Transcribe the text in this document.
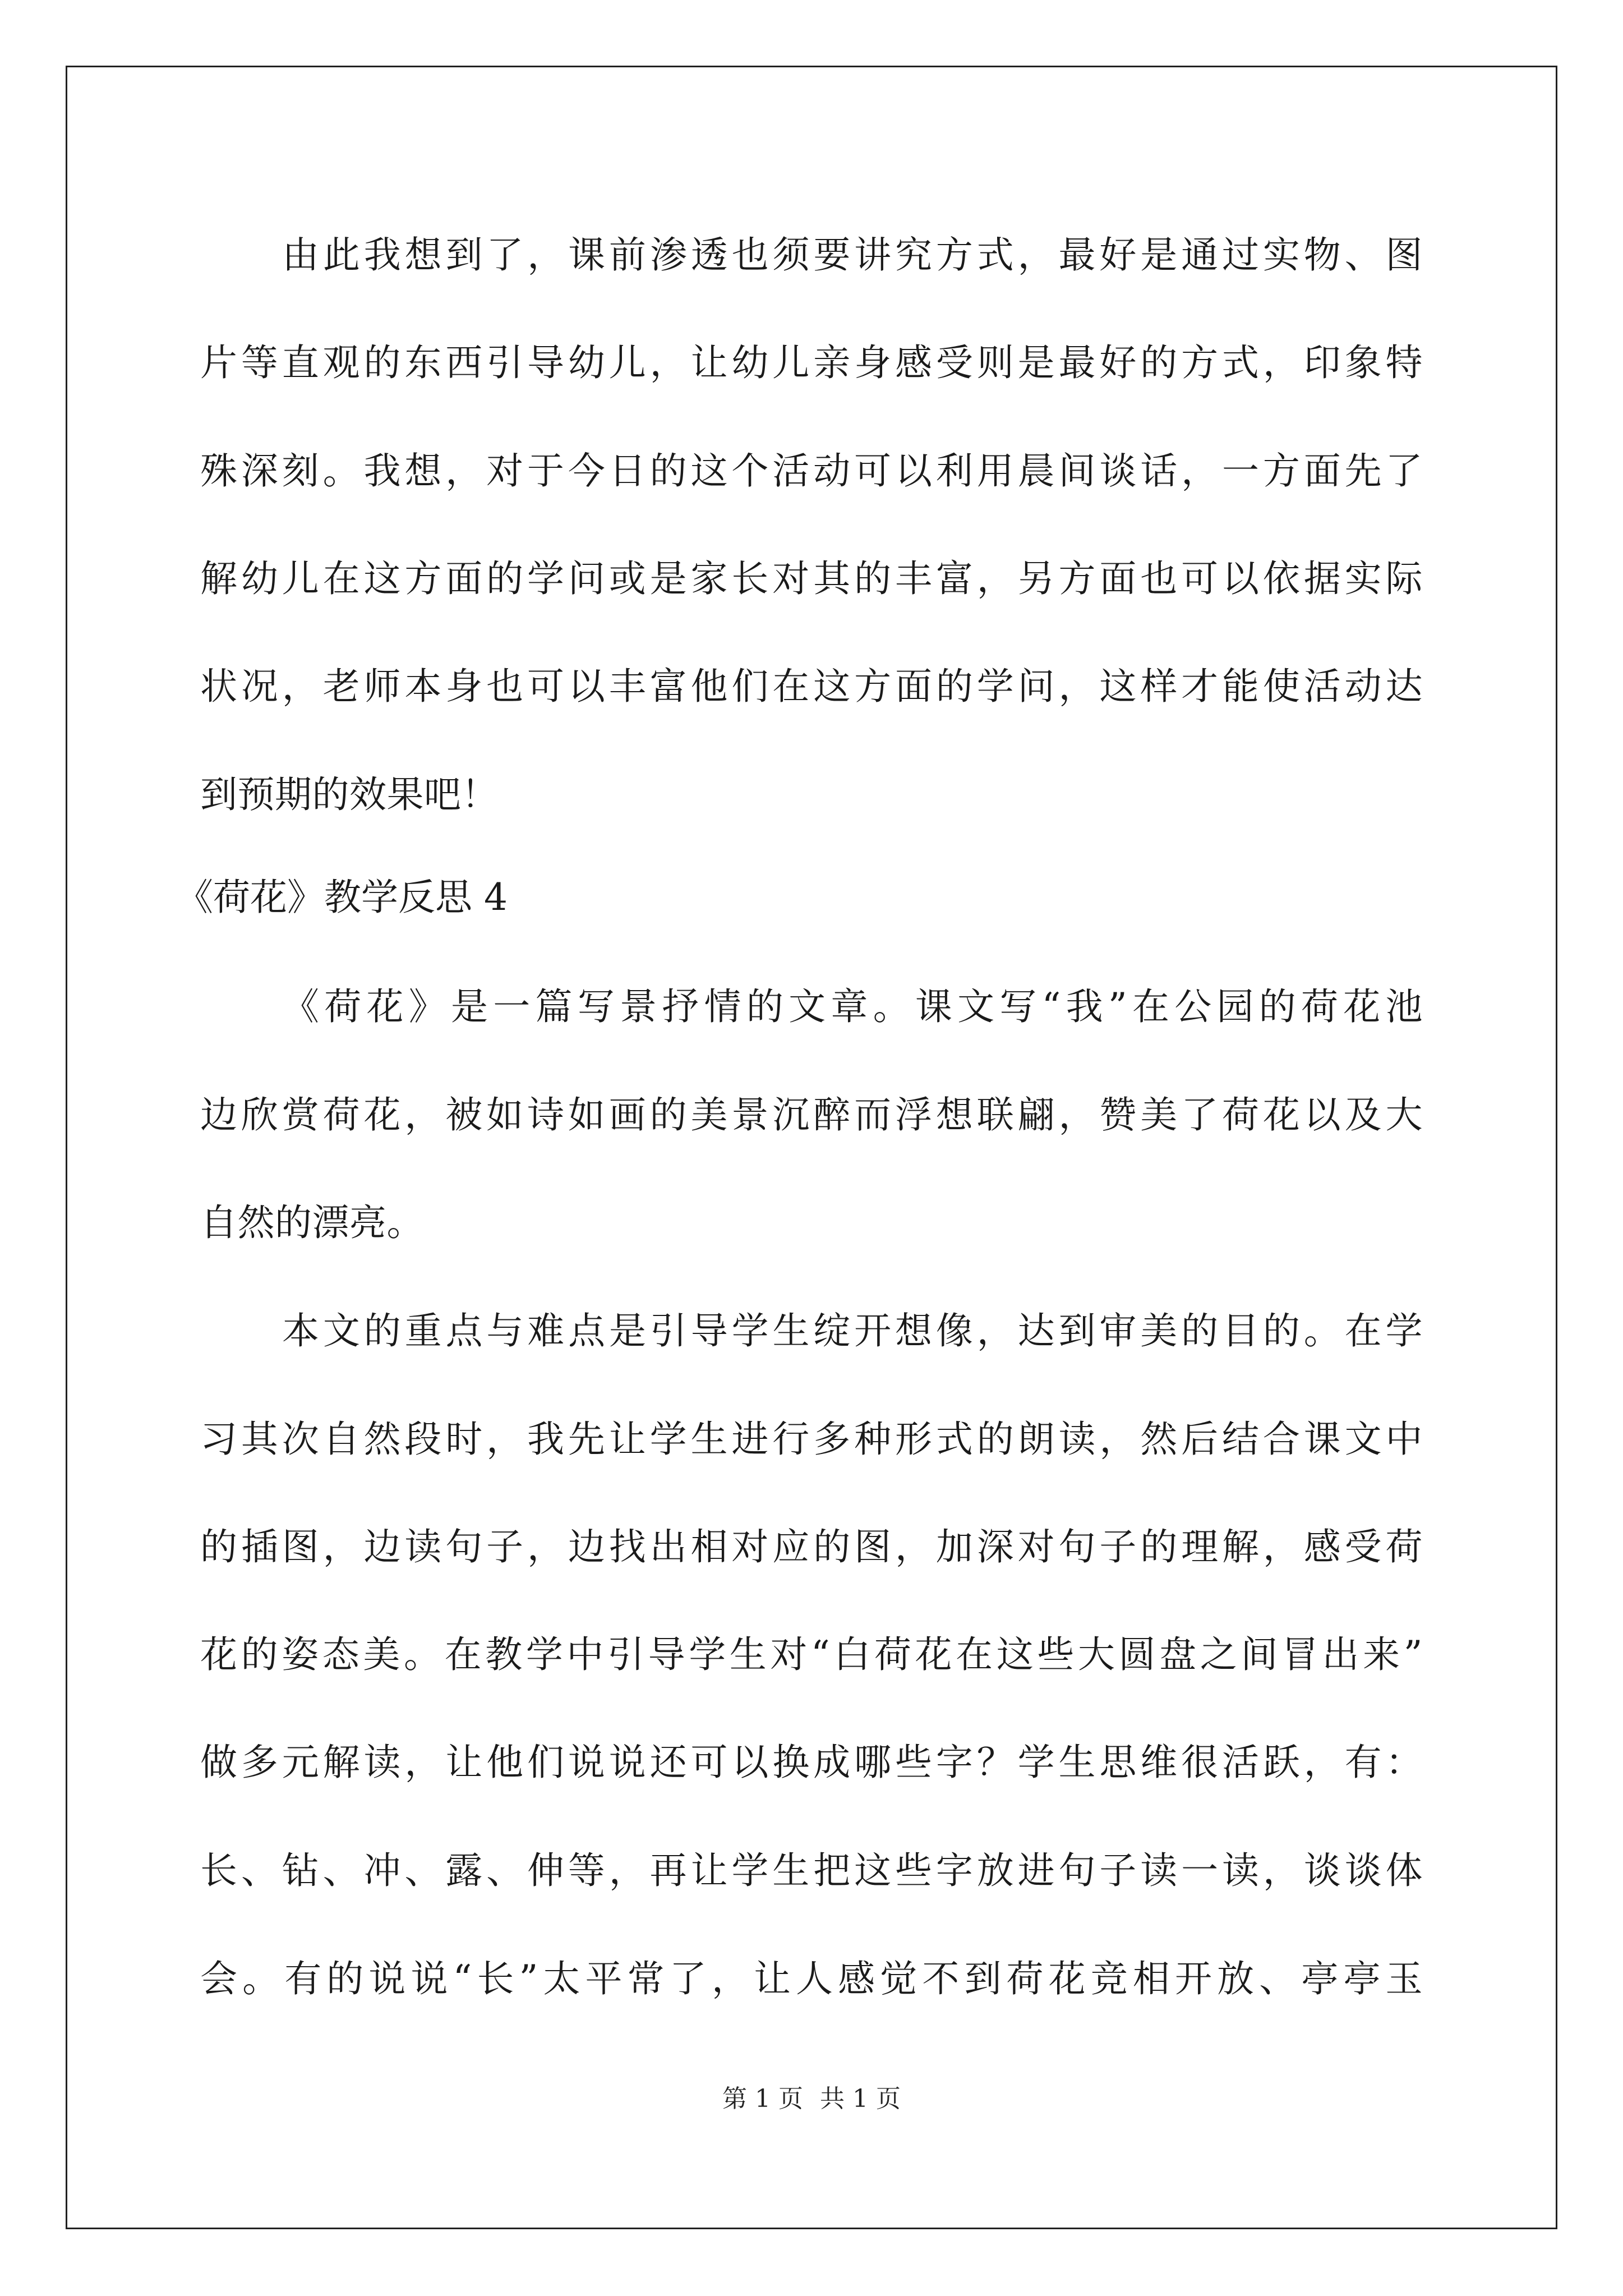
由此我想到了，课前渗透也须要讲究方式，最好是通过实物、图
片等直观的东西引导幼儿，让幼儿亲身感受则是最好的方式，印象特
殊深刻。我想，对于今日的这个活动可以利用晨间谈话，一方面先了
解幼儿在这方面的学问或是家长对其的丰富，另方面也可以依据实际
状况，老师本身也可以丰富他们在这方面的学问，这样才能使活动达
到预期的效果吧！
《荷花》教学反思 4
《荷花》是一篇写景抒情的文章。课文写“我”在公园的荷花池
边欣赏荷花，被如诗如画的美景沉醉而浮想联翩，赞美了荷花以及大
自然的漂亮。
本文的重点与难点是引导学生绽开想像，达到审美的目的。在学
习其次自然段时，我先让学生进行多种形式的朗读，然后结合课文中
的插图，边读句子，边找出相对应的图，加深对句子的理解，感受荷
花的姿态美。在教学中引导学生对“白荷花在这些大圆盘之间冒出来”
做多元解读，让他们说说还可以换成哪些字？学生思维很活跃，有：
长、钻、冲、露、伸等，再让学生把这些字放进句子读一读，谈谈体
会。有的说说“长”太平常了，让人感觉不到荷花竞相开放、亭亭玉
第 1 页 共 1 页
